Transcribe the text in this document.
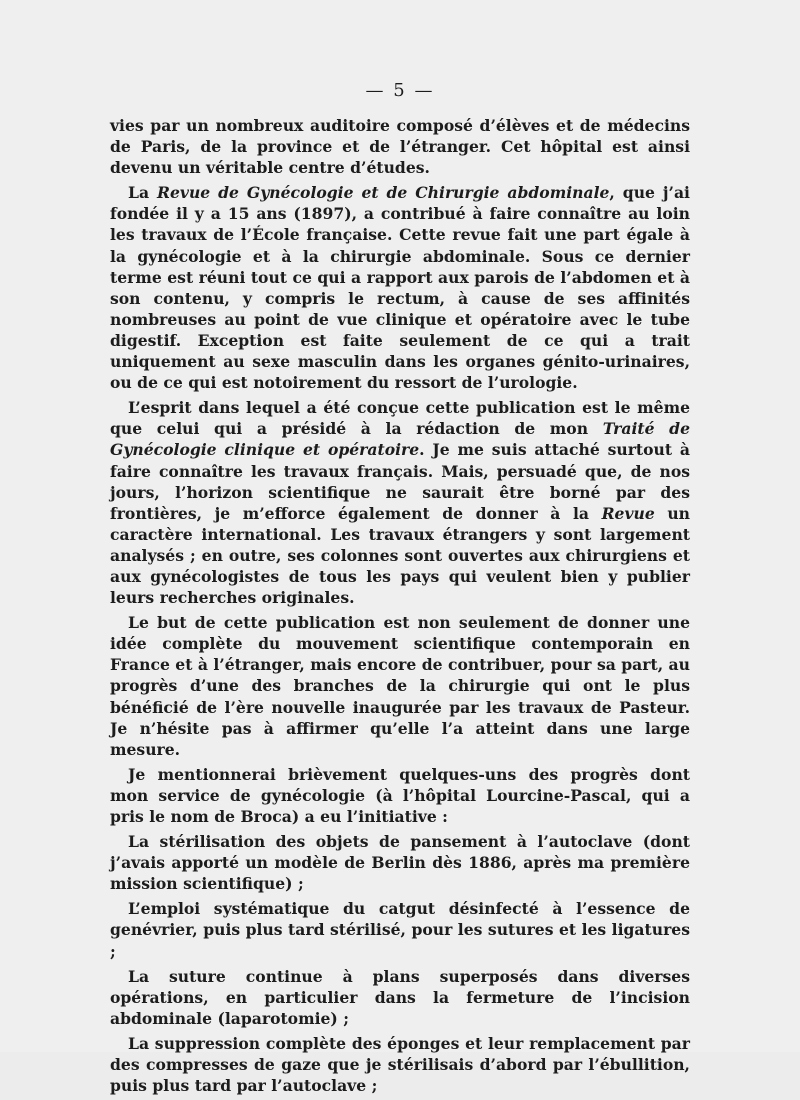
— 5 —

vies par un nombreux auditoire composé d’élèves et de médecins de Paris, de la province et de l’étranger. Cet hôpital est ainsi devenu un véritable centre d’études.

La Revue de Gynécologie et de Chirurgie abdominale, que j’ai fondée il y a 15 ans (1897), a contribué à faire connaître au loin les travaux de l’École française. Cette revue fait une part égale à la gynécologie et à la chirurgie abdominale. Sous ce dernier terme est réuni tout ce qui a rapport aux parois de l’abdomen et à son contenu, y compris le rectum, à cause de ses affinités nombreuses au point de vue clinique et opératoire avec le tube digestif. Exception est faite seulement de ce qui a trait uniquement au sexe masculin dans les organes génito-urinaires, ou de ce qui est notoirement du ressort de l’urologie.

L’esprit dans lequel a été conçue cette publication est le même que celui qui a présidé à la rédaction de mon Traité de Gynécologie clinique et opératoire. Je me suis attaché surtout à faire connaître les travaux français. Mais, persuadé que, de nos jours, l’horizon scientifique ne saurait être borné par des frontières, je m’efforce également de donner à la Revue un caractère international. Les travaux étrangers y sont largement analysés ; en outre, ses colonnes sont ouvertes aux chirurgiens et aux gynécologistes de tous les pays qui veulent bien y publier leurs recherches originales.

Le but de cette publication est non seulement de donner une idée complète du mouvement scientifique contemporain en France et à l’étranger, mais encore de contribuer, pour sa part, au progrès d’une des branches de la chirurgie qui ont le plus bénéficié de l’ère nouvelle inaugurée par les travaux de Pasteur. Je n’hésite pas à affirmer qu’elle l’a atteint dans une large mesure.

Je mentionnerai brièvement quelques-uns des progrès dont mon service de gynécologie (à l’hôpital Lourcine-Pascal, qui a pris le nom de Broca) a eu l’initiative :

La stérilisation des objets de pansement à l’autoclave (dont j’avais apporté un modèle de Berlin dès 1886, après ma première mission scientifique) ;

L’emploi systématique du catgut désinfecté à l’essence de genévrier, puis plus tard stérilisé, pour les sutures et les ligatures ;

La suture continue à plans superposés dans diverses opérations, en particulier dans la fermeture de l’incision abdominale (laparotomie) ;

La suppression complète des éponges et leur remplacement par des compresses de gaze que je stérilisais d’abord par l’ébullition, puis plus tard par l’autoclave ;
